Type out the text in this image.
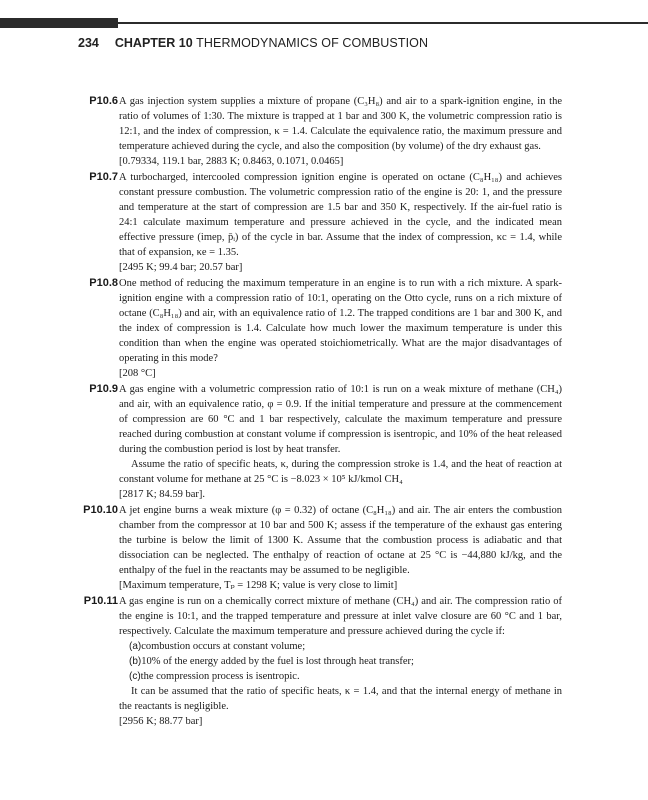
234 CHAPTER 10 THERMODYNAMICS OF COMBUSTION
P10.6 A gas injection system supplies a mixture of propane (C₃H₈) and air to a spark-ignition engine, in the ratio of volumes of 1:30. The mixture is trapped at 1 bar and 300 K, the volumetric compression ratio is 12:1, and the index of compression, κ = 1.4. Calculate the equivalence ratio, the maximum pressure and temperature achieved during the cycle, and also the composition (by volume) of the dry exhaust gas.

[0.79334, 119.1 bar, 2883 K; 0.8463, 0.1071, 0.0465]

P10.7 A turbocharged, intercooled compression ignition engine is operated on octane (C₈H₁₈) and achieves constant pressure combustion. The volumetric compression ratio of the engine is 20: 1, and the pressure and temperature at the start of compression are 1.5 bar and 350 K, respectively. If the air-fuel ratio is 24:1 calculate maximum temperature and pressure achieved in the cycle, and the indicated mean effective pressure (imep, p̄ᵢ) of the cycle in bar. Assume that the index of compression, κc = 1.4, while that of expansion, κe = 1.35.

[2495 K; 99.4 bar; 20.57 bar]

P10.8 One method of reducing the maximum temperature in an engine is to run with a rich mixture. A spark-ignition engine with a compression ratio of 10:1, operating on the Otto cycle, runs on a rich mixture of octane (C₈H₁₈) and air, with an equivalence ratio of 1.2. The trapped conditions are 1 bar and 300 K, and the index of compression is 1.4. Calculate how much lower the maximum temperature is under this condition than when the engine was operated stoichiometrically. What are the major disadvantages of operating in this mode?

[208 °C]

P10.9 A gas engine with a volumetric compression ratio of 10:1 is run on a weak mixture of methane (CH₄) and air, with an equivalence ratio, φ = 0.9. If the initial temperature and pressure at the commencement of compression are 60 °C and 1 bar respectively, calculate the maximum temperature and pressure reached during combustion at constant volume if compression is isentropic, and 10% of the heat released during the combustion period is lost by heat transfer.

Assume the ratio of specific heats, κ, during the compression stroke is 1.4, and the heat of reaction at constant volume for methane at 25 °C is −8.023 × 10⁵ kJ/kmol CH₄

[2817 K; 84.59 bar].

P10.10 A jet engine burns a weak mixture (φ = 0.32) of octane (C₈H₁₈) and air. The air enters the combustion chamber from the compressor at 10 bar and 500 K; assess if the temperature of the exhaust gas entering the turbine is below the limit of 1300 K. Assume that the combustion process is adiabatic and that dissociation can be neglected. The enthalpy of reaction of octane at 25 °C is −44,880 kJ/kg, and the enthalpy of the fuel in the reactants may be assumed to be negligible.

[Maximum temperature, Tₚ = 1298 K; value is very close to limit]

P10.11 A gas engine is run on a chemically correct mixture of methane (CH₄) and air. The compression ratio of the engine is 10:1, and the trapped temperature and pressure at inlet valve closure are 60 °C and 1 bar, respectively. Calculate the maximum temperature and pressure achieved during the cycle if:

(a)combustion occurs at constant volume;

(b)10% of the energy added by the fuel is lost through heat transfer;

(c)the compression process is isentropic.

It can be assumed that the ratio of specific heats, κ = 1.4, and that the internal energy of methane in the reactants is negligible.

[2956 K; 88.77 bar]
